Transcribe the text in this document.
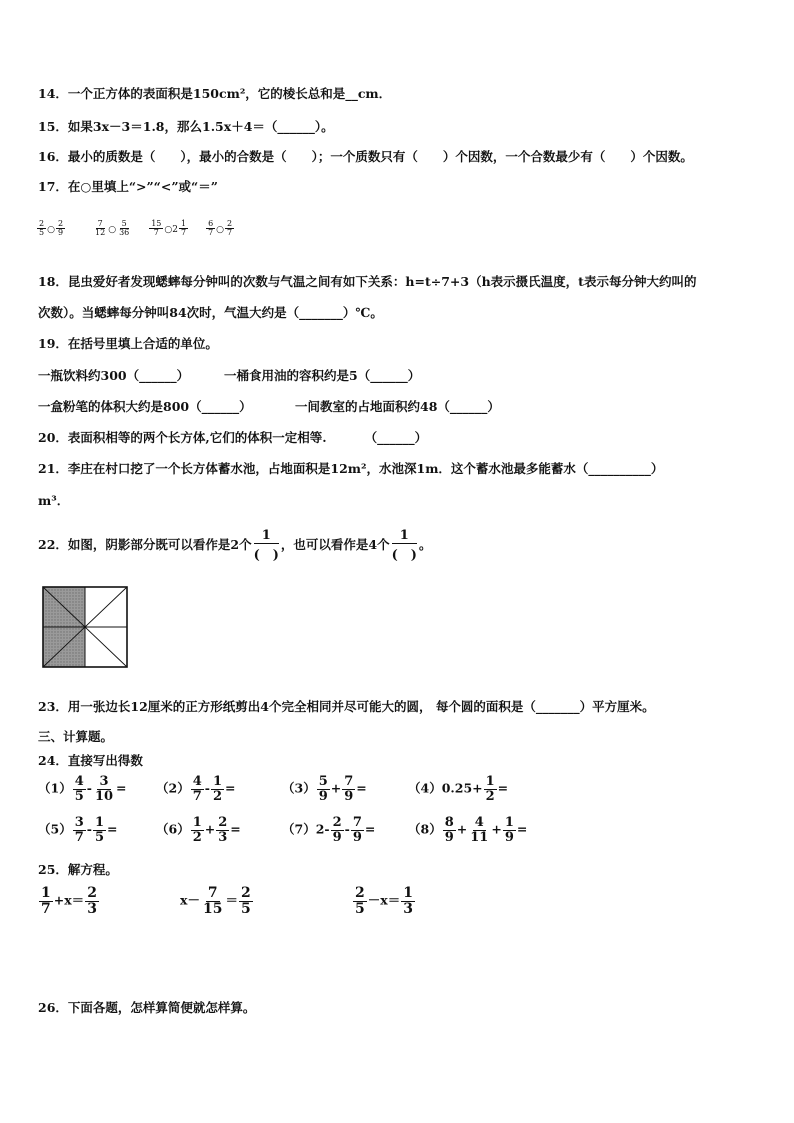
14．一个正方体的表面积是150cm²，它的棱长总和是__cm．
15．如果3x－3＝1.8，那么1.5x＋4＝（______）。
16．最小的质数是（　　），最小的合数是（　　）；一个质数只有（　　）个因数，一个合数最少有（　　）个因数。
17．在○里填上“>”“<”或“＝”
$\frac{2}{5}$ ○ $\frac{2}{9}$
	$\frac{7}{12}$ ○ $\frac{5}{36}$
$\frac{15}{7}$ ○2 $\frac{1}{7}$
$\frac{6}{7}$ ○ $\frac{2}{7}$
18．昆虫爱好者发现蟋蟀每分钟叫的次数与气温之间有如下关系：h=t÷7+3（h表示摄氏温度，t表示每分钟大约叫的
次数）。当蟋蟀每分钟叫84次时，气温大约是（_______）℃。
19．在括号里填上合适的单位。
一瓶饮料约300（______）	一桶食用油的容积约是5（______）
一盒粉笔的体积大约是800（______）	一间教室的占地面积约48（______）
20．表面积相等的两个长方体,它们的体积一定相等.	（______）
21．李庄在村口挖了一个长方体蓄水池，占地面积是12m²，水池深1m．这个蓄水池最多能蓄水（__________）
m³．
22．如图，阴影部分既可以看作是2个 $\frac{1}{( )}$ ，也可以看作是4个 $\frac{1}{( )}$ 。
23．用一张边长12厘米的正方形纸剪出4个完全相同并尽可能大的圆， 每个圆的面积是（_______）平方厘米。
三、计算题。
24．直接写出得数
$(1) \frac{4}{5} - \frac{3}{10} = (2) \frac{4}{7} - \frac{1}{2}$ =	$(3) \frac{5}{9} + \frac{7}{9}$ =	$(4)0.25+ \frac{1}{2}$ =
$(5) \frac{3}{7} - \frac{1}{5}$ =	$(6) \frac{1}{2} + \frac{2}{3}$ =	$(7)2- \frac{2}{9} - \frac{7}{9}$ =	$(8) \frac{8}{9} + \frac{4}{11} + \frac{1}{9}$ =
25．解方程。
$\frac{1}{7} +x= \frac{2}{3}$	$x- \frac{7}{15} = \frac{2}{5}$	$\frac{2}{5} -x= \frac{1}{3}$
26．下面各题，怎样算简便就怎样算。
